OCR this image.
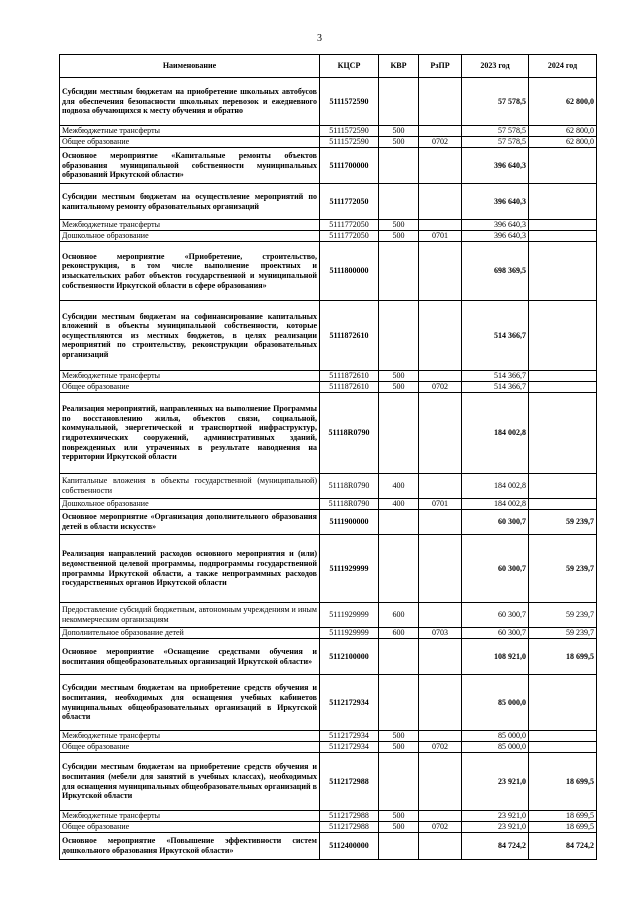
3
Наименование	КЦСР	КВР	РзПР	2023 год	2024 год
Субсидии местным бюджетам на приобретение школьных автобусов для обеспечения безопасности школьных перевозок и ежедневного подвоза обучающихся к месту обучения и обратно	5111572590			57 578,5	62 800,0
Межбюджетные трансферты	5111572590	500		57 578,5	62 800,0
Общее образование	5111572590	500	0702	57 578,5	62 800,0
Основное мероприятие «Капитальные ремонты объектов образования муниципальной собственности муниципальных образований Иркутской области»	5111700000			396 640,3	
Субсидии местным бюджетам на осуществление мероприятий по капитальному ремонту образовательных организаций	5111772050			396 640,3	
Межбюджетные трансферты	5111772050	500		396 640,3	
Дошкольное образование	5111772050	500	0701	396 640,3	
Основное мероприятие «Приобретение, строительство, реконструкция, в том числе выполнение проектных и изыскательских работ объектов государственной и муниципальной собственности Иркутской области в сфере образования»	5111800000			698 369,5	
Субсидии местным бюджетам на софинансирование капитальных вложений в объекты муниципальной собственности, которые осуществляются из местных бюджетов, в целях реализации мероприятий по строительству, реконструкции образовательных организаций	5111872610			514 366,7	
Межбюджетные трансферты	5111872610	500		514 366,7	
Общее образование	5111872610	500	0702	514 366,7	
Реализация мероприятий, направленных на выполнение Программы по восстановлению жилья, объектов связи, социальной, коммунальной, энергетической и транспортной инфраструктур, гидротехнических сооружений, административных зданий, поврежденных или утраченных в результате наводнения на территории Иркутской области	51118R0790			184 002,8	
Капитальные вложения в объекты государственной (муниципальной) собственности	51118R0790	400		184 002,8	
Дошкольное образование	51118R0790	400	0701	184 002,8	
Основное мероприятие «Организация дополнительного образования детей в области искусств»	5111900000			60 300,7	59 239,7
Реализация направлений расходов основного мероприятия и (или) ведомственной целевой программы, подпрограммы государственной программы Иркутской области, а также непрограммных расходов государственных органов Иркутской области	5111929999			60 300,7	59 239,7
Предоставление субсидий бюджетным, автономным учреждениям и иным некоммерческим организациям	5111929999	600		60 300,7	59 239,7
Дополнительное образование детей	5111929999	600	0703	60 300,7	59 239,7
Основное мероприятие «Оснащение средствами обучения и воспитания общеобразовательных организаций Иркутской области»	5112100000			108 921,0	18 699,5
Субсидии местным бюджетам на приобретение средств обучения и воспитания, необходимых для оснащения учебных кабинетов муниципальных общеобразовательных организаций в Иркутской области	5112172934			85 000,0	
Межбюджетные трансферты	5112172934	500		85 000,0	
Общее образование	5112172934	500	0702	85 000,0	
Субсидии местным бюджетам на приобретение средств обучения и воспитания (мебели для занятий в учебных классах), необходимых для оснащения муниципальных общеобразовательных организаций в Иркутской области	5112172988			23 921,0	18 699,5
Межбюджетные трансферты	5112172988	500		23 921,0	18 699,5
Общее образование	5112172988	500	0702	23 921,0	18 699,5
Основное мероприятие «Повышение эффективности систем дошкольного образования Иркутской области»	5112400000			84 724,2	84 724,2
